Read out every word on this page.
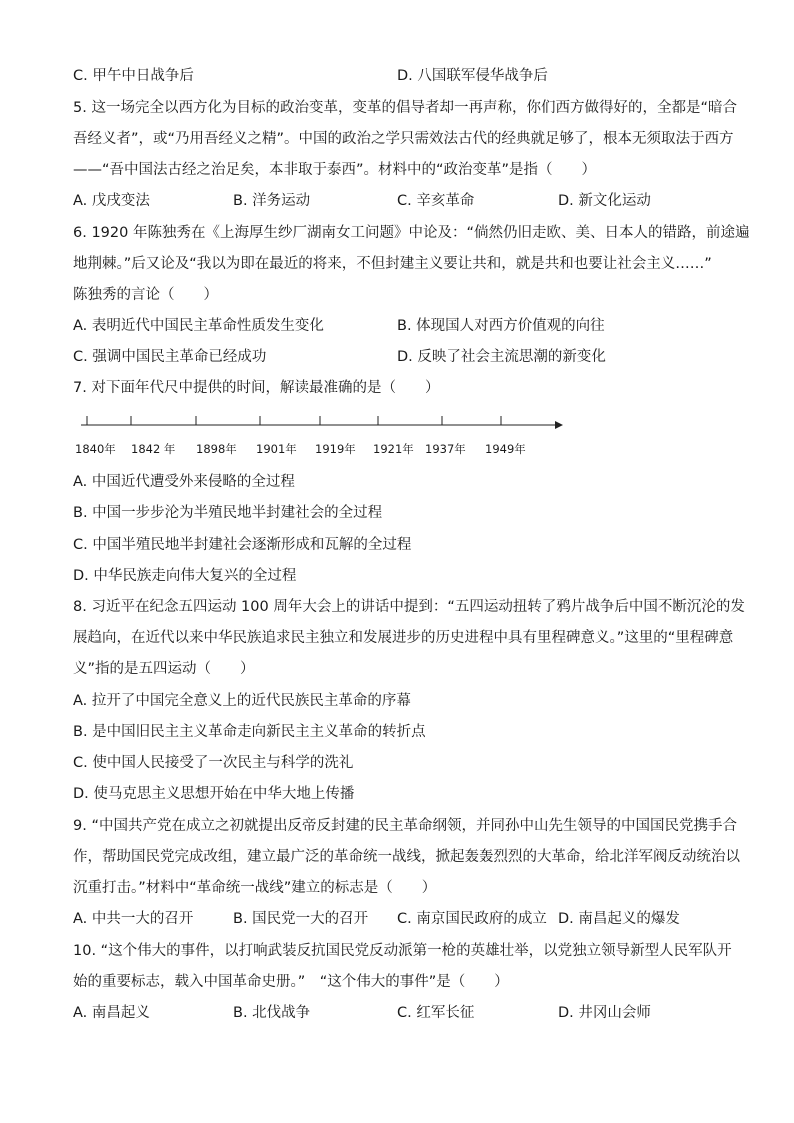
C. 甲午中日战争后	D. 八国联军侵华战争后
5. 这一场完全以西方化为目标的政治变革，变革的倡导者却一再声称，你们西方做得好的，全都是“暗合
吾经义者”，或“乃用吾经义之精”。中国的政治之学只需效法古代的经典就足够了，根本无须取法于西方
——“吾中国法古经之治足矣，本非取于泰西”。材料中的“政治变革”是指（　　）
A. 戊戌变法	B. 洋务运动	C. 辛亥革命	D. 新文化运动
6. 1920 年陈独秀在《上海厚生纱厂湖南女工问题》中论及：“倘然仍旧走欧、美、日本人的错路，前途遍
地荆棘。”后又论及“我以为即在最近的将来，不但封建主义要让共和，就是共和也要让社会主义……”
陈独秀的言论（　　）
A. 表明近代中国民主革命性质发生变化	B. 体现国人对西方价值观的向往
C. 强调中国民主革命已经成功	D. 反映了社会主流思潮的新变化
7. 对下面年代尺中提供的时间，解读最准确的是（　　）
1840年 1842 年 1898年 1901年 1919年 1921年 1937年 1949年
A. 中国近代遭受外来侵略的全过程
B. 中国一步步沦为半殖民地半封建社会的全过程
C. 中国半殖民地半封建社会逐渐形成和瓦解的全过程
D. 中华民族走向伟大复兴的全过程
8. 习近平在纪念五四运动 100 周年大会上的讲话中提到：“五四运动扭转了鸦片战争后中国不断沉沦的发
展趋向，在近代以来中华民族追求民主独立和发展进步的历史进程中具有里程碑意义。”这里的“里程碑意
义”指的是五四运动（　　）
A. 拉开了中国完全意义上的近代民族民主革命的序幕
B. 是中国旧民主主义革命走向新民主主义革命的转折点
C. 使中国人民接受了一次民主与科学的洗礼
D. 使马克思主义思想开始在中华大地上传播
9. “中国共产党在成立之初就提出反帝反封建的民主革命纲领，并同孙中山先生领导的中国国民党携手合
作，帮助国民党完成改组，建立最广泛的革命统一战线，掀起轰轰烈烈的大革命，给北洋军阀反动统治以
沉重打击。”材料中“革命统一战线”建立的标志是（　　）
A. 中共一大的召开	B. 国民党一大的召开 C. 南京国民政府的成立 D. 南昌起义的爆发
10. “这个伟大的事件，以打响武装反抗国民党反动派第一枪的英雄壮举，以党独立领导新型人民军队开
始的重要标志，载入中国革命史册。”　“这个伟大的事件”是（　　）
A. 南昌起义	B. 北伐战争	C. 红军长征	D. 井冈山会师
